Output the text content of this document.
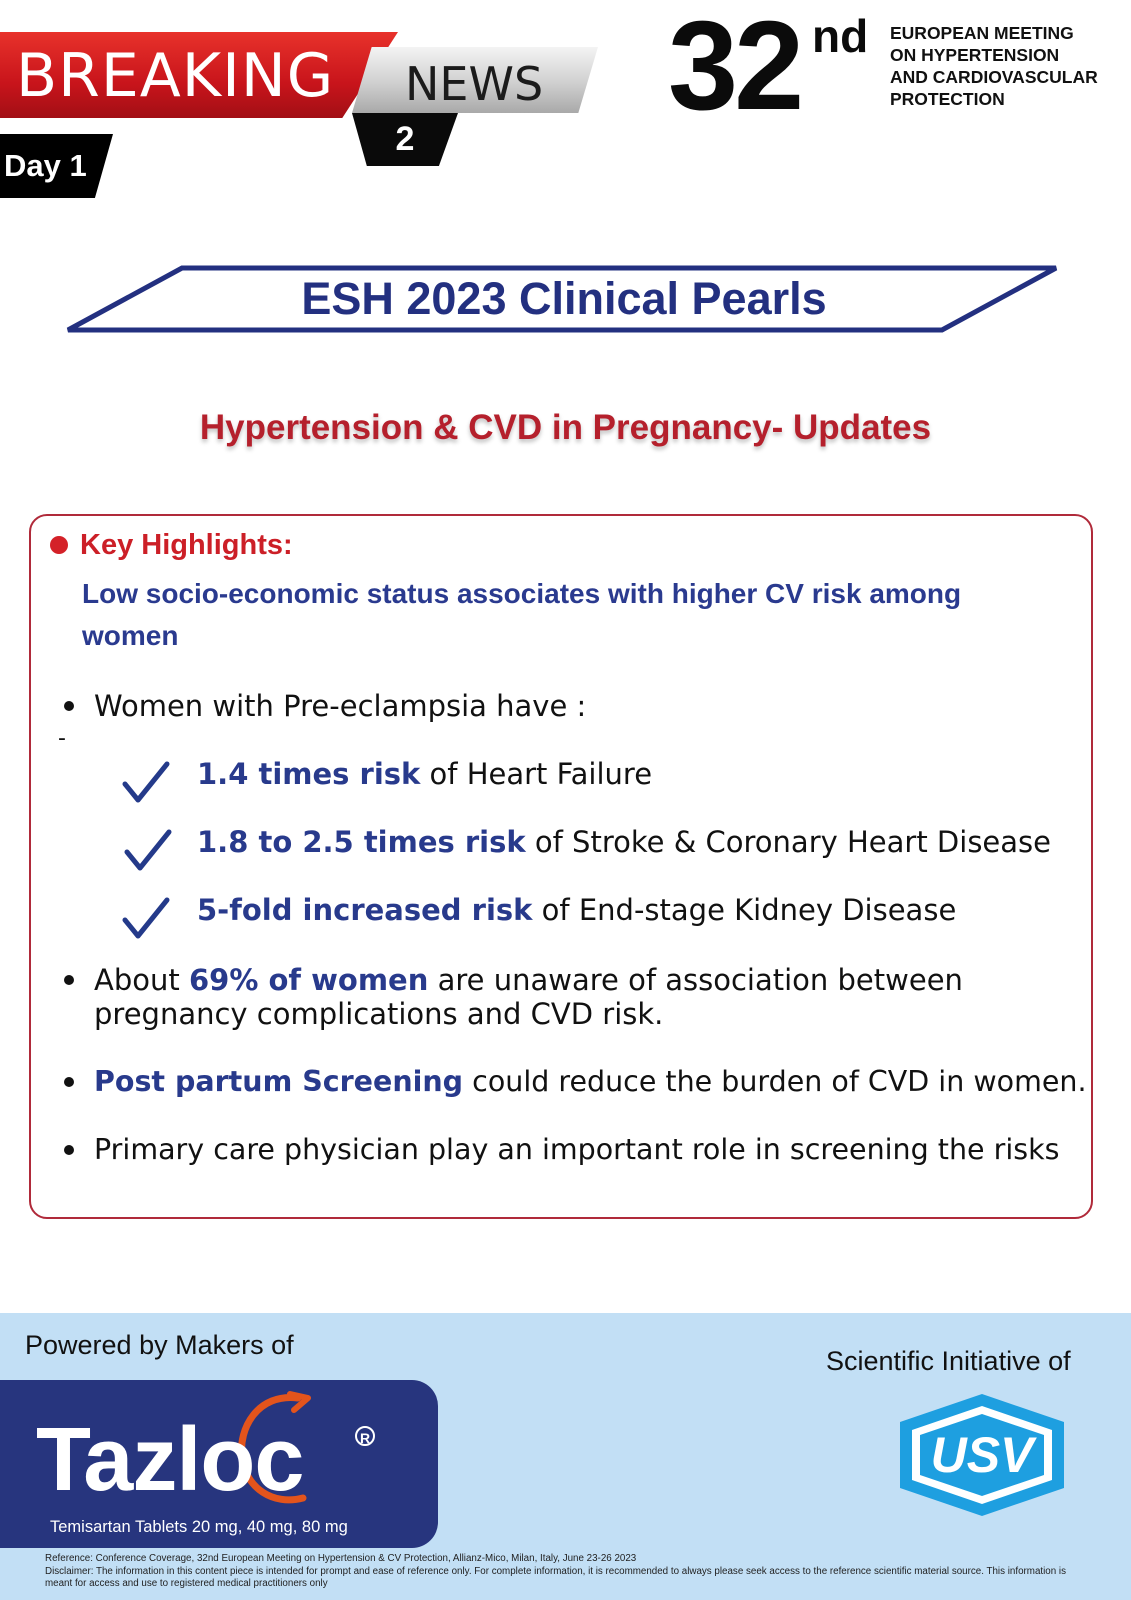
BREAKING NEWS
2
Day 1
32 nd EUROPEAN MEETING
ON HYPERTENSION
AND CARDIOVASCULAR
PROTECTION
ESH 2023 Clinical Pearls
Hypertension & CVD in Pregnancy- Updates
Key Highlights:
Low socio-economic status associates with higher CV risk among women
Women with Pre-eclampsia have :
-
1.4 times risk of Heart Failure
1.8 to 2.5 times risk of Stroke & Coronary Heart Disease
5-fold increased risk of End-stage Kidney Disease
About 69% of women are unaware of association between
pregnancy complications and CVD risk.
Post partum Screening could reduce the burden of CVD in women.
Primary care physician play an important role in screening the risks
Powered by Makers of
Tazloc	R
Temisartan Tablets 20 mg, 40 mg, 80 mg
Scientific Initiative of
USV
Reference: Conference Coverage, 32nd European Meeting on Hypertension & CV Protection, Allianz-Mico, Milan, Italy, June 23-26 2023
Disclaimer: The information in this content piece is intended for prompt and ease of reference only. For complete information, it is recommended to always please seek access to the reference scientific material source. This information is meant for access and use to registered medical practitioners only
